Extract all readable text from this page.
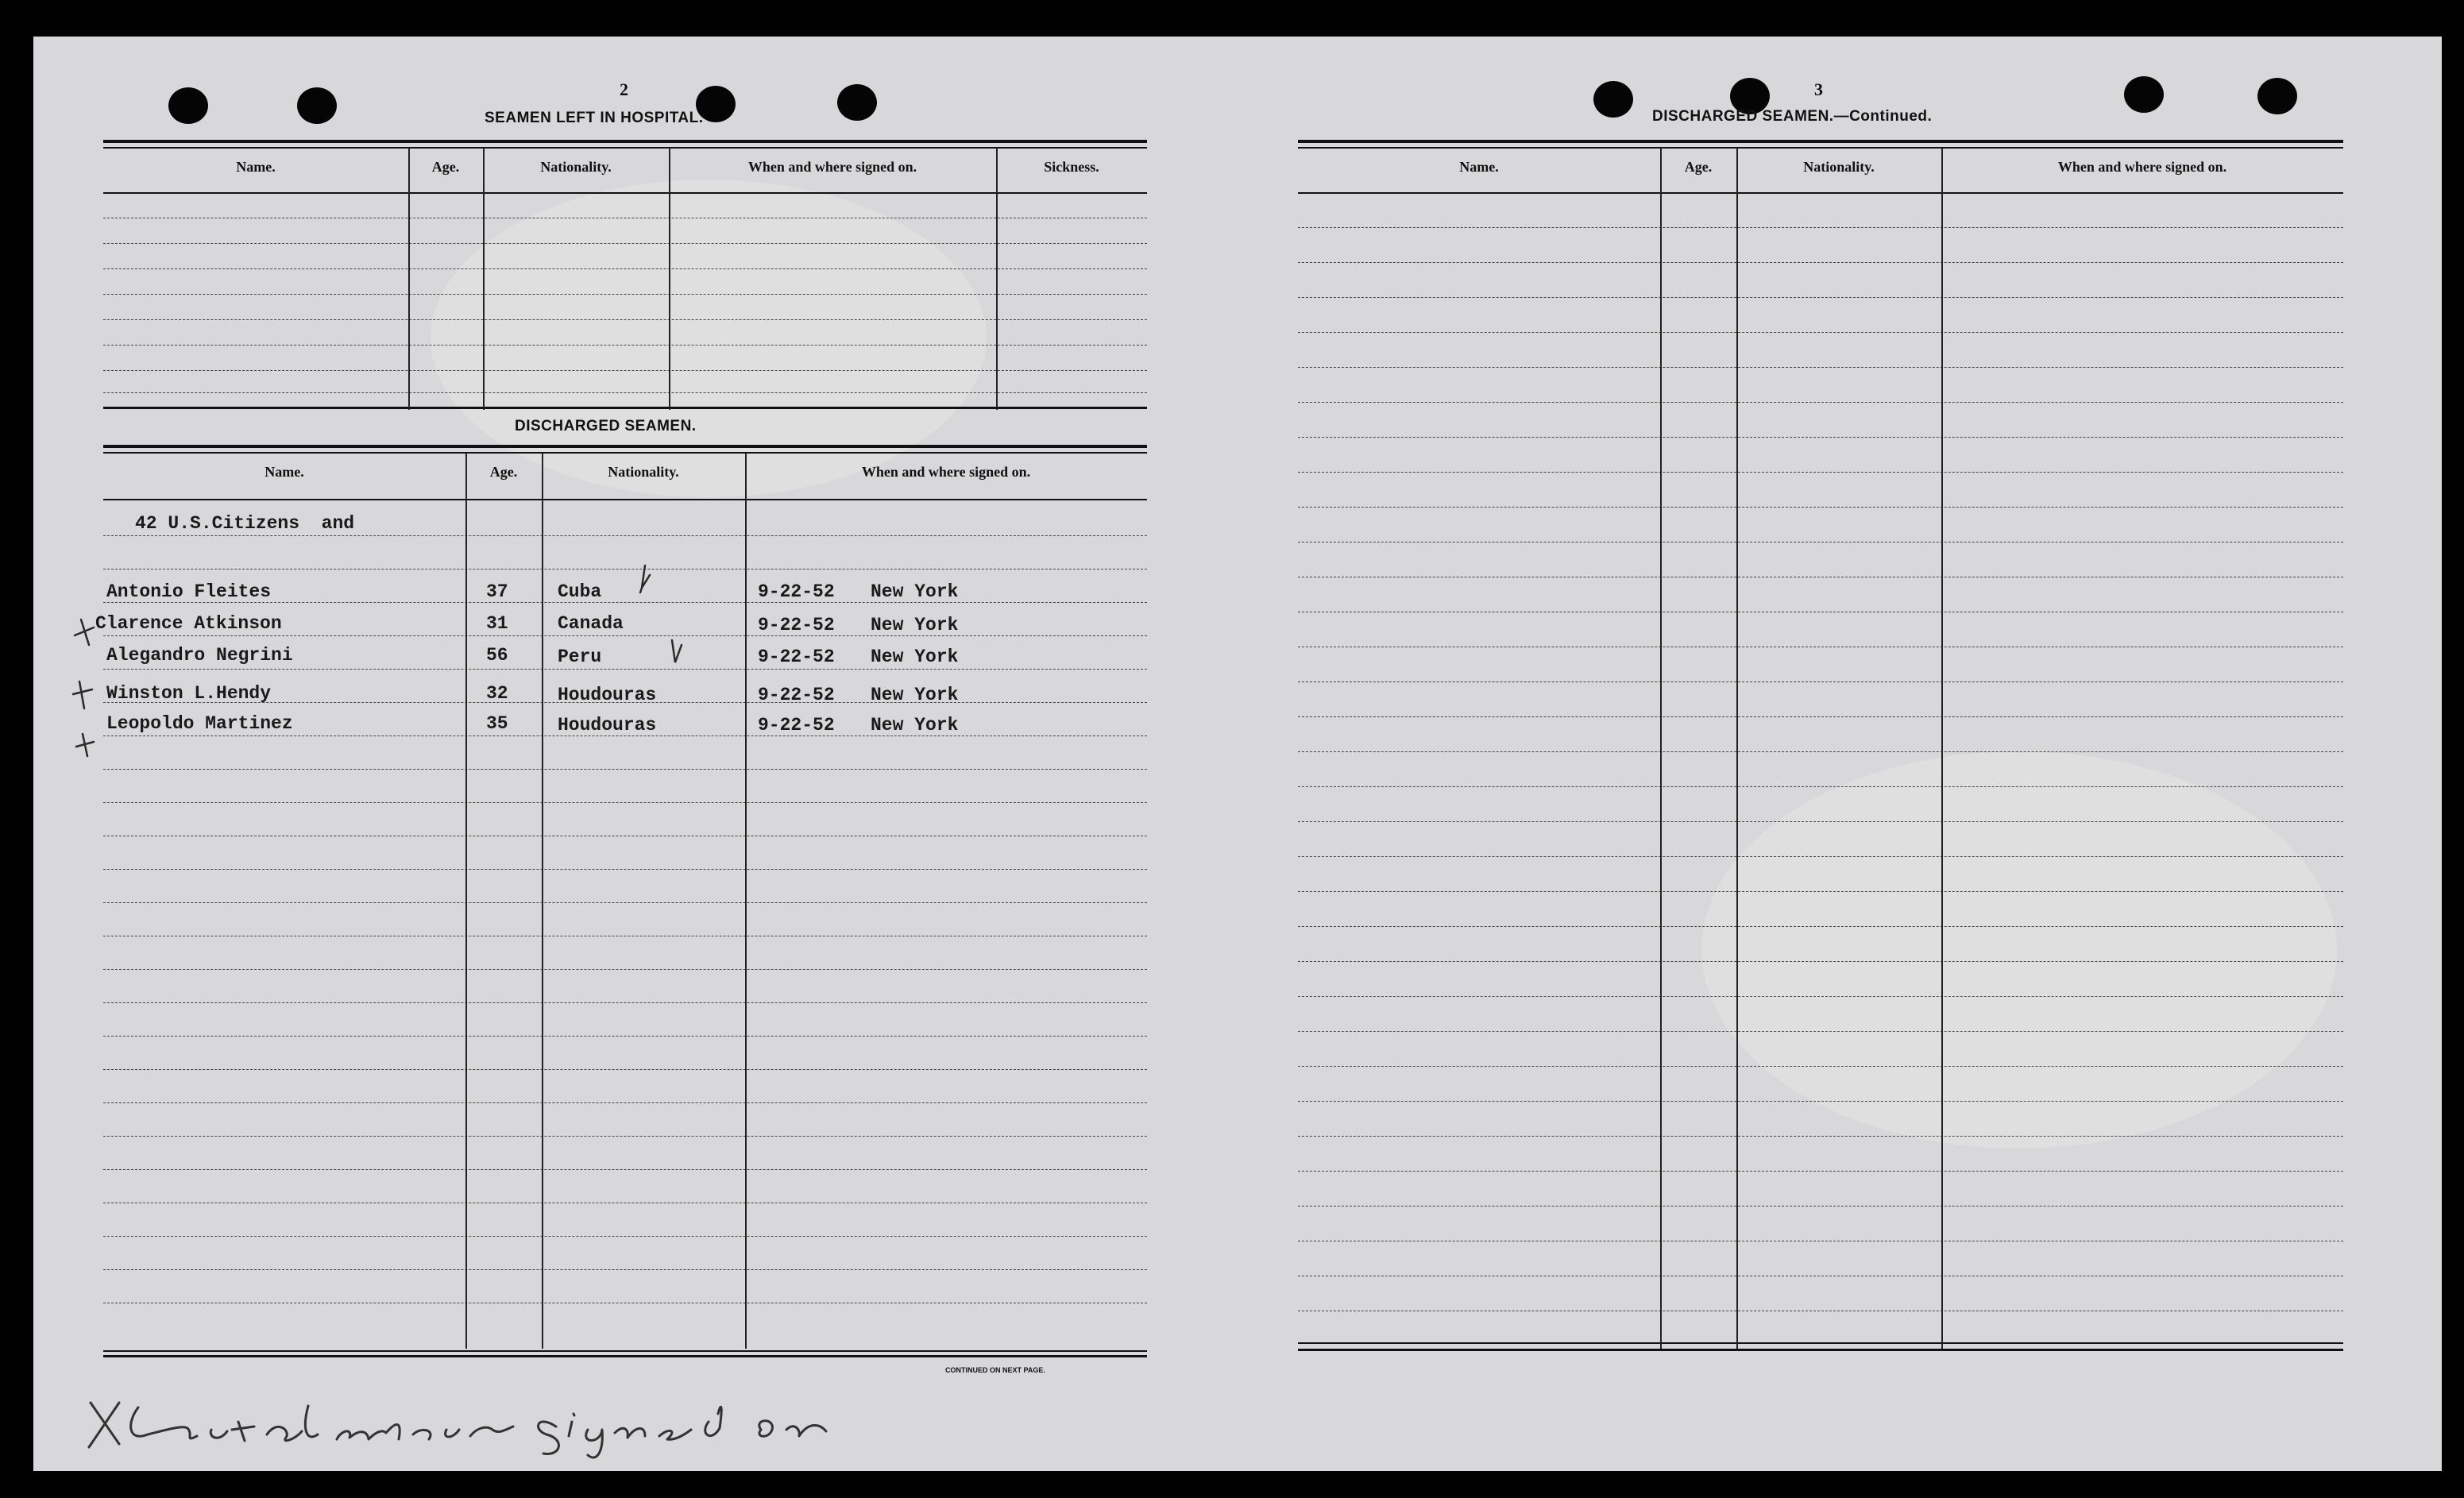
2
SEAMEN LEFT IN HOSPITAL.
Name.	Age.	Nationality.	When and where signed on.	Sickness.
DISCHARGED SEAMEN.
Name.	Age.	Nationality.	When and where signed on.
42 U.S.Citizens  and
Antonio Fleites	37	Cuba	9-22-52 New York
Clarence Atkinson	31	Canada	9-22-52 New York
Alegandro Negrini	56	Peru	9-22-52 New York
Winston L.Hendy	32	Houdouras	9-22-52 New York
Leopoldo Martinez	35	Houdouras	9-22-52 New York
CONTINUED ON NEXT PAGE.
3
DISCHARGED SEAMEN.—Continued.
Name.	Age.	Nationality.	When and where signed on.
